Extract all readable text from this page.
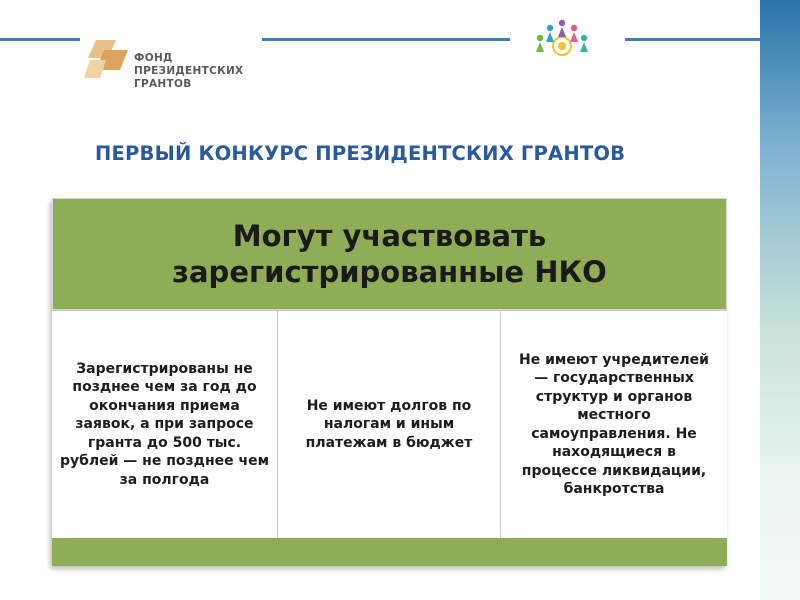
ФОНД
ПРЕЗИДЕНТСКИХ
ГРАНТОВ
ПЕРВЫЙ КОНКУРС ПРЕЗИДЕНТСКИХ ГРАНТОВ
Могут участвовать зарегистрированные НКО
Зарегистрированы не позднее чем за год до окончания приема заявок, а при запросе гранта до 500 тыс. рублей — не позднее чем за полгода
Не имеют долгов по налогам и иным платежам в бюджет
Не имеют учредителей — государственных структур и органов местного самоуправления. Не находящиеся в процессе ликвидации, банкротства
